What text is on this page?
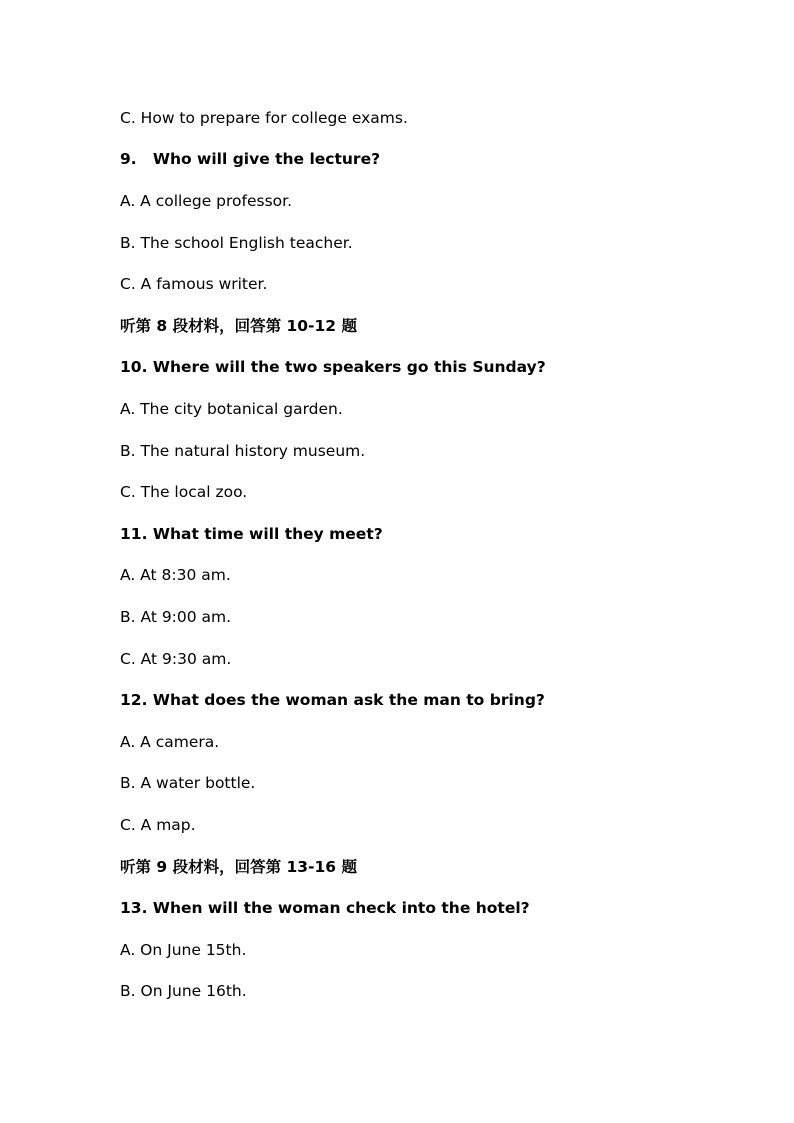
C. How to prepare for college exams.
9.   Who will give the lecture?
A. A college professor.
B. The school English teacher.
C. A famous writer.
听第 8 段材料，回答第 10-12 题
10. Where will the two speakers go this Sunday?
A. The city botanical garden.
B. The natural history museum.
C. The local zoo.
11. What time will they meet?
A. At 8:30 am.
B. At 9:00 am.
C. At 9:30 am.
12. What does the woman ask the man to bring?
A. A camera.
B. A water bottle.
C. A map.
听第 9 段材料，回答第 13-16 题
13. When will the woman check into the hotel?
A. On June 15th.
B. On June 16th.
